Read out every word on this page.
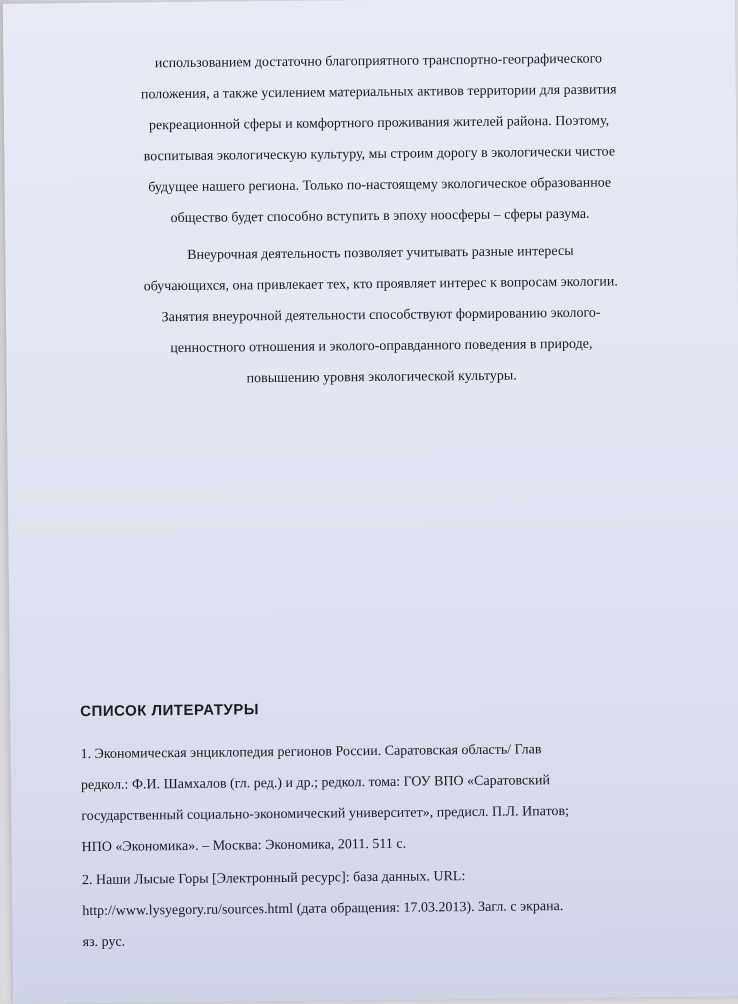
использованием достаточно благоприятного транспортно-географического
положения, а также усилением материальных активов территории для развития
рекреационной сферы и комфортного проживания жителей района. Поэтому,
воспитывая экологическую культуру, мы строим дорогу в экологически чистое
будущее нашего региона. Только по-настоящему экологическое образованное
общество будет способно вступить в эпоху ноосферы – сферы разума.

Внеурочная деятельность позволяет учитывать разные интересы
обучающихся, она привлекает тех, кто проявляет интерес к вопросам экологии.
Занятия внеурочной деятельности способствуют формированию эколого-
ценностного отношения и эколого-оправданного поведения в природе,
повышению уровня экологической культуры.

СПИСОК ЛИТЕРАТУРЫ

1. Экономическая энциклопедия регионов России. Саратовская область/ Глав
редкол.: Ф.И. Шамхалов (гл. ред.) и др.; редкол. тома: ГОУ ВПО «Саратовский
государственный социально-экономический университет», предисл. П.Л. Ипатов;
НПО «Экономика». – Москва: Экономика, 2011. 511 с.

2. Наши Лысые Горы [Электронный ресурс]: база данных. URL:
http://www.lysyegory.ru/sources.html (дата обращения: 17.03.2013). Загл. с экрана.
яз. рус.
